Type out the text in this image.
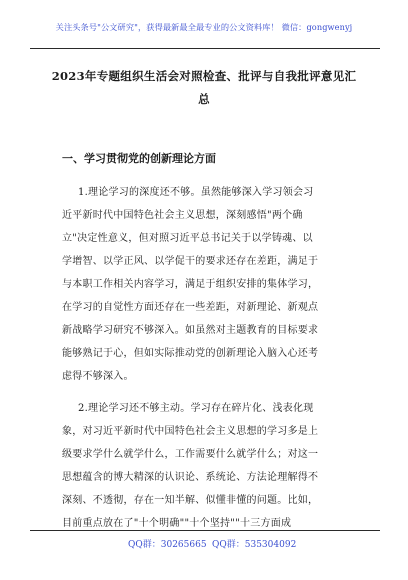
关注头条号"公文研究"，获得最新最全最专业的公文资料库！ 微信：gongwenyj
2023年专题组织生活会对照检查、批评与自我批评意见汇
总
一、学习贯彻党的创新理论方面
1.理论学习的深度还不够。虽然能够深入学习领会习
近平新时代中国特色社会主义思想，深刻感悟"两个确
立"决定性意义，但对照习近平总书记关于以学铸魂、以
学增智、以学正风、以学促干的要求还存在差距，满足于
与本职工作相关内容学习，满足于组织安排的集体学习，
在学习的自觉性方面还存在一些差距，对新理论、新观点
新战略学习研究不够深入。如虽然对主题教育的目标要求
能够熟记于心，但如实际推动党的创新理论入脑入心还考
虑得不够深入。
2.理论学习还不够主动。学习存在碎片化、浅表化现
象，对习近平新时代中国特色社会主义思想的学习多是上
级要求学什么就学什么，工作需要什么就学什么；对这一
思想蕴含的博大精深的认识论、系统论、方法论理解得不
深刻、不透彻，存在一知半解、似懂非懂的问题。比如，
目前重点放在了"十个明确""十个坚持""十三方面成
QQ群：30265665 QQ群：535304092
